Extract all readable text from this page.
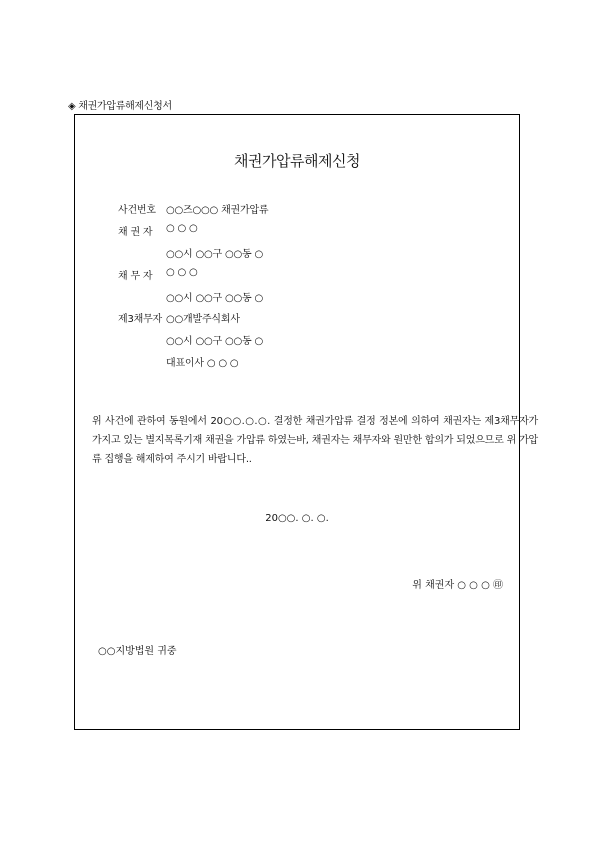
◈ 채권가압류해제신청서
채권가압류해제신청
사건번호 ○○즈○○○ 채권가압류
채 권 자 ○ ○ ○
○○시 ○○구 ○○동 ○
채 무 자 ○ ○ ○
○○시 ○○구 ○○동 ○
제3채무자 ○○개발주식회사
○○시 ○○구 ○○동 ○
대표이사 ○ ○ ○
위 사건에 관하여 동원에서 20○○.○.○. 결정한 채권가압류 결정 정본에 의하여 채권자는 제3채무자가 가지고 있는 별지목록기재 채권을 가압류 하였는바, 채권자는 채무자와 원만한 합의가 되었으므로 위 가압류 집행을 해제하여 주시기 바랍니다..
20○○. ○. ○.
위 채권자 ○ ○ ○ ㊞
○○지방법원 귀중
